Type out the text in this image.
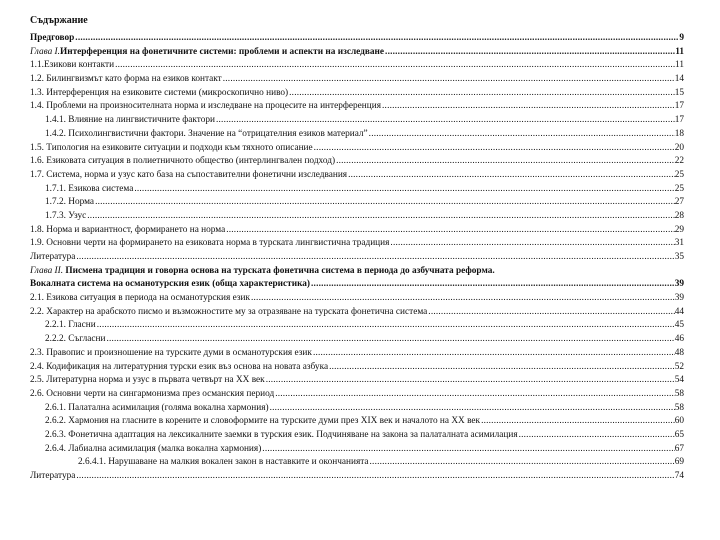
Съдържание
Предговор .....	9
Глава I.Интерференция на фонетичните системи: проблеми и аспекти на изследване .....	11
1.1.Езикови контакти .....	11
1.2. Билингвизмът като форма на езиков контакт .....	14
1.3. Интерференция на езиковите системи (микроскопично ниво) .....	15
1.4. Проблеми на произносителната норма и изследване на процесите на интерференция .....	17
1.4.1. Влияние на лингвистичните фактори .....	17
1.4.2. Психолингвистични фактори. Значение на “отрицателния езиков материал” .....	18
1.5. Типология на езиковите ситуации и подходи към тяхното описание .....	20
1.6. Езиковата ситуация в полиетничното общество (интерлингвален подход) .....	22
1.7. Система, норма и узус като база на съпоставителни фонетични изследвания .....	25
1.7.1. Езикова система .....	25
1.7.2. Норма .....	27
1.7.3. Узус .....	28
1.8. Норма и вариантност, формирането на норма .....	29
1.9. Основни черти на формирането на езиковата норма в турската лингвистична традиция .....	31
Литература .....	35
Глава II. Писмена традиция и говорна основа на турската фонетична система в периода до азбучната реформа.
Вокалната система на османотурския език (обща характеристика) .....	39
2.1. Езикова ситуация в периода на османотурския език .....	39
2.2. Характер на арабското писмо и възможностите му за отразяване на турската фонетична система .....	44
2.2.1. Гласни .....	45
2.2.2. Съгласни .....	46
2.3. Правопис и произношение на турските думи в османотурския език .....	48
2.4. Кодификация на литературния турски език въз основа на новата азбука .....	52
2.5. Литературна норма и узус в първата четвърт на XX век .....	54
2.6. Основни черти на сингармонизма през османския период .....	58
2.6.1. Палатална асимилация (голяма вокална хармония) .....	58
2.6.2. Хармония на гласните в корените и словоформите на турските думи през XIX век и началото на XX век .....	60
2.6.3. Фонетична адаптация на лексикалните заемки в турския език. Подчиняване на закона за палаталната асимилация .....	65
2.6.4. Лабиална асимилация (малка вокална хармония) .....	67
2.6.4.1. Нарушаване на малкия вокален закон в наставките и окончанията .....	69
Литература .....	74
